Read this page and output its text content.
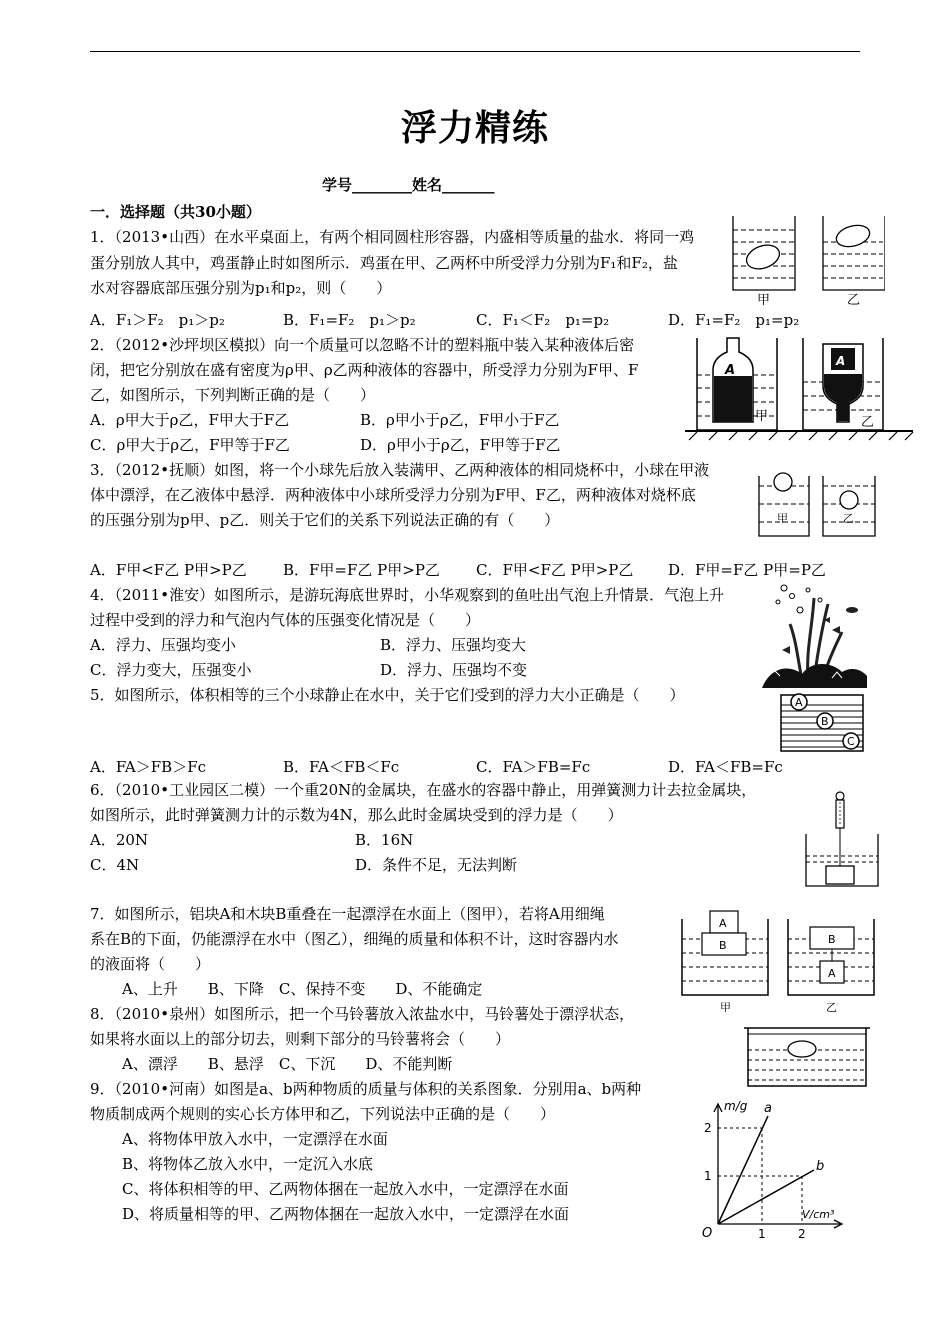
浮力精练
学号________姓名_______
一．选择题（共30小题）
1．（2013•山西）在水平桌面上，有两个相同圆柱形容器，内盛相等质量的盐水．将同一鸡
蛋分别放人其中，鸡蛋静止时如图所示．鸡蛋在甲、乙两杯中所受浮力分别为F₁和F₂，盐
水对容器底部压强分别为p₁和p₂，则（　　）
A．F₁＞F₂　p₁＞p₂	B．F₁=F₂　p₁＞p₂	C．F₁＜F₂　p₁=p₂	D．F₁=F₂　p₁=p₂
甲	乙
2．（2012•沙坪坝区模拟）向一个质量可以忽略不计的塑料瓶中装入某种液体后密
闭，把它分别放在盛有密度为ρ甲、ρ乙两种液体的容器中，所受浮力分别为F甲、F
乙，如图所示，下列判断正确的是（　　）
A．ρ甲大于ρ乙，F甲大于F乙	B．ρ甲小于ρ乙，F甲小于F乙
C．ρ甲大于ρ乙，F甲等于F乙	D．ρ甲小于ρ乙，F甲等于F乙
A
甲
A
乙
3．（2012•抚顺）如图，将一个小球先后放入装满甲、乙两种液体的相同烧杯中，小球在甲液
体中漂浮，在乙液体中悬浮．两种液体中小球所受浮力分别为F甲、F乙，两种液体对烧杯底
的压强分别为p甲、p乙．则关于它们的关系下列说法正确的有（　　）
A．F甲<F乙 P甲>P乙 B．F甲=F乙 P甲>P乙 C．F甲<F乙 P甲>P乙 D．F甲=F乙 P甲=P乙
甲	乙
4．（2011•淮安）如图所示，是游玩海底世界时，小华观察到的鱼吐出气泡上升情景．气泡上升
过程中受到的浮力和气泡内气体的压强变化情况是（　　）
A．浮力、压强均变小	B．浮力、压强均变大
C．浮力变大，压强变小	D．浮力、压强均不变
5．如图所示，体积相等的三个小球静止在水中，关于它们受到的浮力大小正确是（　　）
A．FA＞FB＞Fc	B．FA＜FB＜Fc	C．FA＞FB=Fc	D．FA＜FB=Fc
A
B
C
6．（2010•工业园区二模）一个重20N的金属块，在盛水的容器中静止，用弹簧测力计去拉金属块，
如图所示，此时弹簧测力计的示数为4N，那么此时金属块受到的浮力是（　　）
A．20N	B．16N
C．4N	D．条件不足，无法判断
7．如图所示，铝块A和木块B重叠在一起漂浮在水面上（图甲），若将A用细绳
系在B的下面，仍能漂浮在水中（图乙），细绳的质量和体积不计，这时容器内水
的液面将（　　）
A、上升　　B、下降　C、保持不变　　D、不能确定
A
B	B
A
甲	乙
8．（2010•泉州）如图所示，把一个马铃薯放入浓盐水中，马铃薯处于漂浮状态，
如果将水面以上的部分切去，则剩下部分的马铃薯将会（　　）
A、漂浮　　B、悬浮　C、下沉　　D、不能判断
9．（2010•河南）如图是a、b两种物质的质量与体积的关系图象．分别用a、b两种
物质制成两个规则的实心长方体甲和乙，下列说法中正确的是（　　）
A、将物体甲放入水中，一定漂浮在水面
B、将物体乙放入水中，一定沉入水底
C、将体积相等的甲、乙两物体捆在一起放入水中，一定漂浮在水面
D、将质量相等的甲、乙两物体捆在一起放入水中，一定漂浮在水面
m/g
V/cm³
O
1
2
1	2
a
b
